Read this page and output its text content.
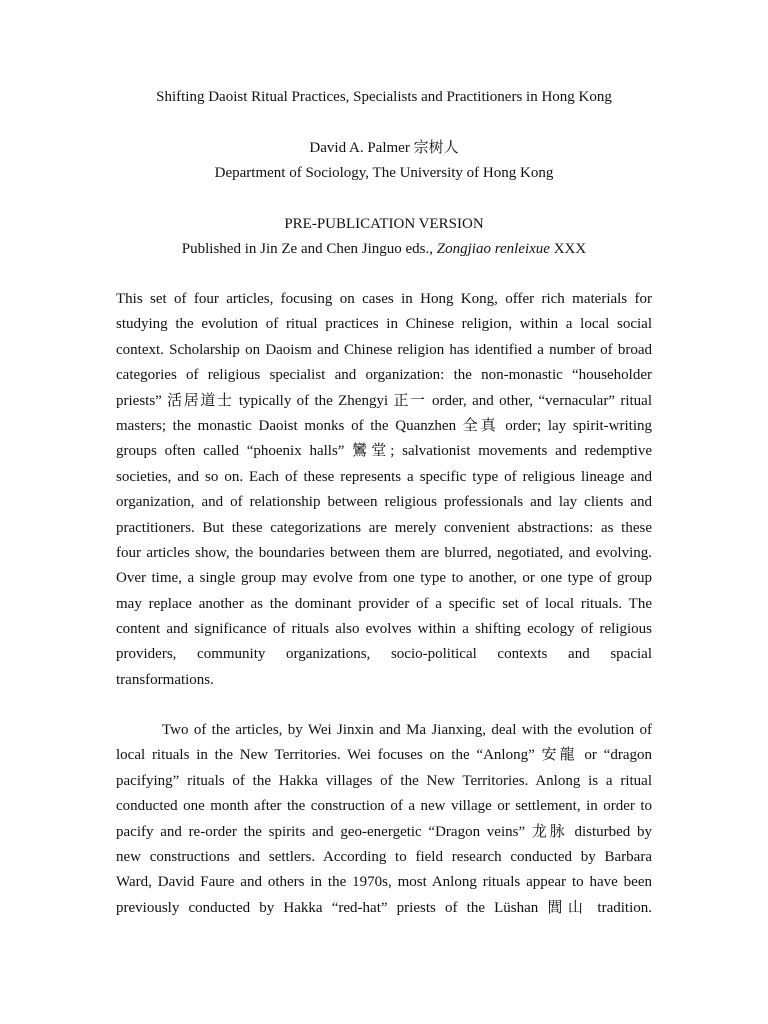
Shifting Daoist Ritual Practices, Specialists and Practitioners in Hong Kong
David A. Palmer 宗树人
Department of Sociology, The University of Hong Kong
PRE-PUBLICATION VERSION
Published in Jin Ze and Chen Jinguo eds., Zongjiao renleixue XXX
This set of four articles, focusing on cases in Hong Kong, offer rich materials for
studying the evolution of ritual practices in Chinese religion, within a local social
context. Scholarship on Daoism and Chinese religion has identified a number of broad
categories of religious specialist and organization: the non-monastic “householder
priests” 活居道士 typically of the Zhengyi 正一 order, and other, “vernacular” ritual
masters; the monastic Daoist monks of the Quanzhen 全真 order; lay spirit-writing
groups often called “phoenix halls” 鸞堂; salvationist movements and redemptive
societies, and so on. Each of these represents a specific type of religious lineage and
organization, and of relationship between religious professionals and lay clients and
practitioners. But these categorizations are merely convenient abstractions: as these
four articles show, the boundaries between them are blurred, negotiated, and evolving.
Over time, a single group may evolve from one type to another, or one type of group
may replace another as the dominant provider of a specific set of local rituals. The
content and significance of rituals also evolves within a shifting ecology of religious
providers, community organizations, socio-political contexts and spacial
transformations.
Two of the articles, by Wei Jinxin and Ma Jianxing, deal with the evolution of
local rituals in the New Territories. Wei focuses on the “Anlong” 安龍 or “dragon
pacifying” rituals of the Hakka villages of the New Territories. Anlong is a ritual
conducted one month after the construction of a new village or settlement, in order to
pacify and re-order the spirits and geo-energetic “Dragon veins” 龙脉 disturbed by
new constructions and settlers. According to field research conducted by Barbara
Ward, David Faure and others in the 1970s, most Anlong rituals appear to have been
previously conducted by Hakka “red-hat” priests of the Lüshan 閭山 tradition.
